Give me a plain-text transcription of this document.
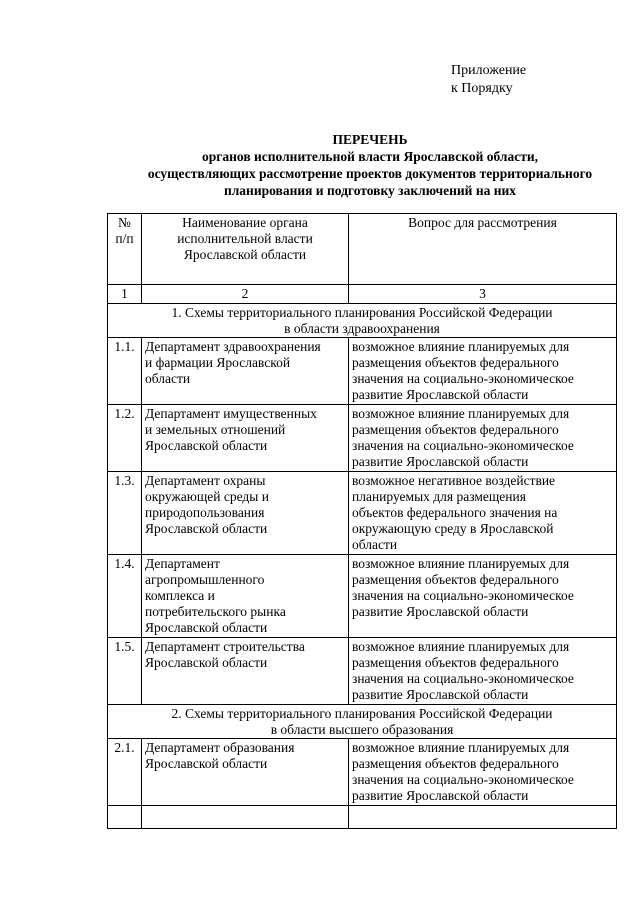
Приложение
к Порядку
ПЕРЕЧЕНЬ
органов исполнительной власти Ярославской области,
осуществляющих рассмотрение проектов документов территориального
планирования и подготовку заключений на них
№
п/п	Наименование органа
исполнительной власти
Ярославской области	Вопрос для рассмотрения

1	2	3

1. Схемы территориального планирования Российской Федерации
в области здравоохранения		

1.1.	Департамент здравоохранения
и фармации Ярославской
области	возможное влияние планируемых для
размещения объектов федерального
значения на социально-экономическое
развитие Ярославской области

1.2.	Департамент имущественных
и земельных отношений
Ярославской области	возможное влияние планируемых для
размещения объектов федерального
значения на социально-экономическое
развитие Ярославской области

1.3.	Департамент охраны
окружающей среды и
природопользования
Ярославской области	возможное негативное воздействие
планируемых для размещения
объектов федерального значения на
окружающую среду в Ярославской
области

1.4.	Департамент
агропромышленного
комплекса и
потребительского рынка
Ярославской области	возможное влияние планируемых для
размещения объектов федерального
значения на социально-экономическое
развитие Ярославской области

1.5.	Департамент строительства
Ярославской области	возможное влияние планируемых для
размещения объектов федерального
значения на социально-экономическое
развитие Ярославской области

2. Схемы территориального планирования Российской Федерации
в области высшего образования		

2.1.	Департамент образования
Ярославской области	возможное влияние планируемых для
размещения объектов федерального
значения на социально-экономическое
развитие Ярославской области
